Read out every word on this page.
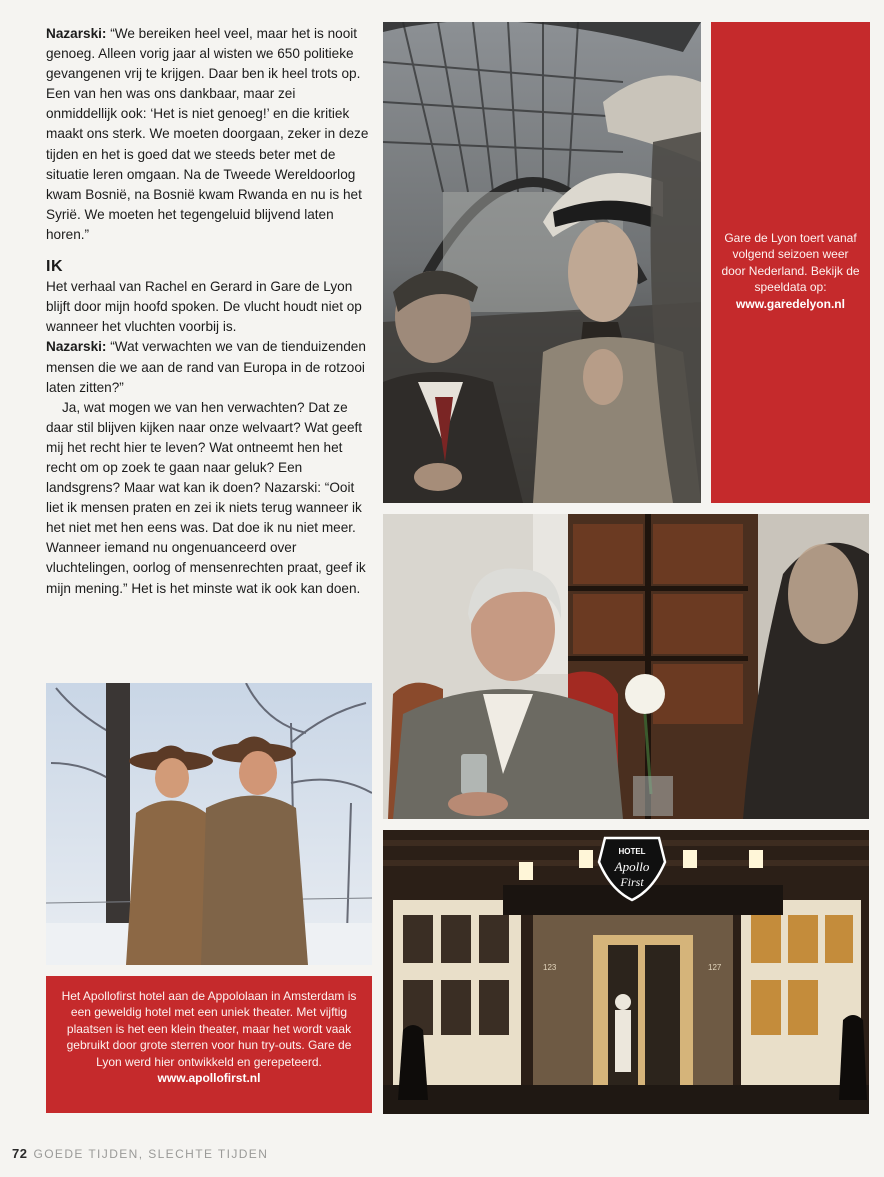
Nazarski: “We bereiken heel veel, maar het is nooit genoeg. Alleen vorig jaar al wisten we 650 politieke gevangenen vrij te krijgen. Daar ben ik heel trots op. Een van hen was ons dankbaar, maar zei onmiddellijk ook: ‘Het is niet genoeg!’ en die kritiek maakt ons sterk. We moeten doorgaan, zeker in deze tijden en het is goed dat we steeds beter met de situatie leren omgaan. Na de Tweede Wereldoorlog kwam Bosnië, na Bosnië kwam Rwanda en nu is het Syrië. We moeten het tegengeluid blijvend laten horen.”

IK

Het verhaal van Rachel en Gerard in Gare de Lyon blijft door mijn hoofd spoken. De vlucht houdt niet op wanneer het vluchten voorbij is.
Nazarski: “Wat verwachten we van de tienduizenden mensen die we aan de rand van Europa in de rotzooi laten zitten?”

Ja, wat mogen we van hen verwachten? Dat ze daar stil blijven kijken naar onze welvaart? Wat geeft mij het recht hier te leven? Wat ontneemt hen het recht om op zoek te gaan naar geluk? Een landsgrens? Maar wat kan ik doen? Nazarski: “Ooit liet ik mensen praten en zei ik niets terug wanneer ik het niet met hen eens was. Dat doe ik nu niet meer. Wanneer iemand nu ongenuanceerd over vluchtelingen, oorlog of mensenrechten praat, geef ik mijn mening.” Het is het minste wat ik ook kan doen.

Gare de Lyon toert vanaf volgend seizoen weer door Nederland. Bekijk de speeldata op:
www.garedelyon.nl
Het Apollofirst hotel aan de Appololaan in Amsterdam is een geweldig hotel met een uniek theater. Met vijftig plaatsen is het een klein theater, maar het wordt vaak gebruikt door grote sterren voor hun try-outs. Gare de Lyon werd hier ontwikkeld en gerepeteerd.
www.apollofirst.nl
HOTEL
Apollo
First
123	127
72 GOEDE TIJDEN, SLECHTE TIJDEN
